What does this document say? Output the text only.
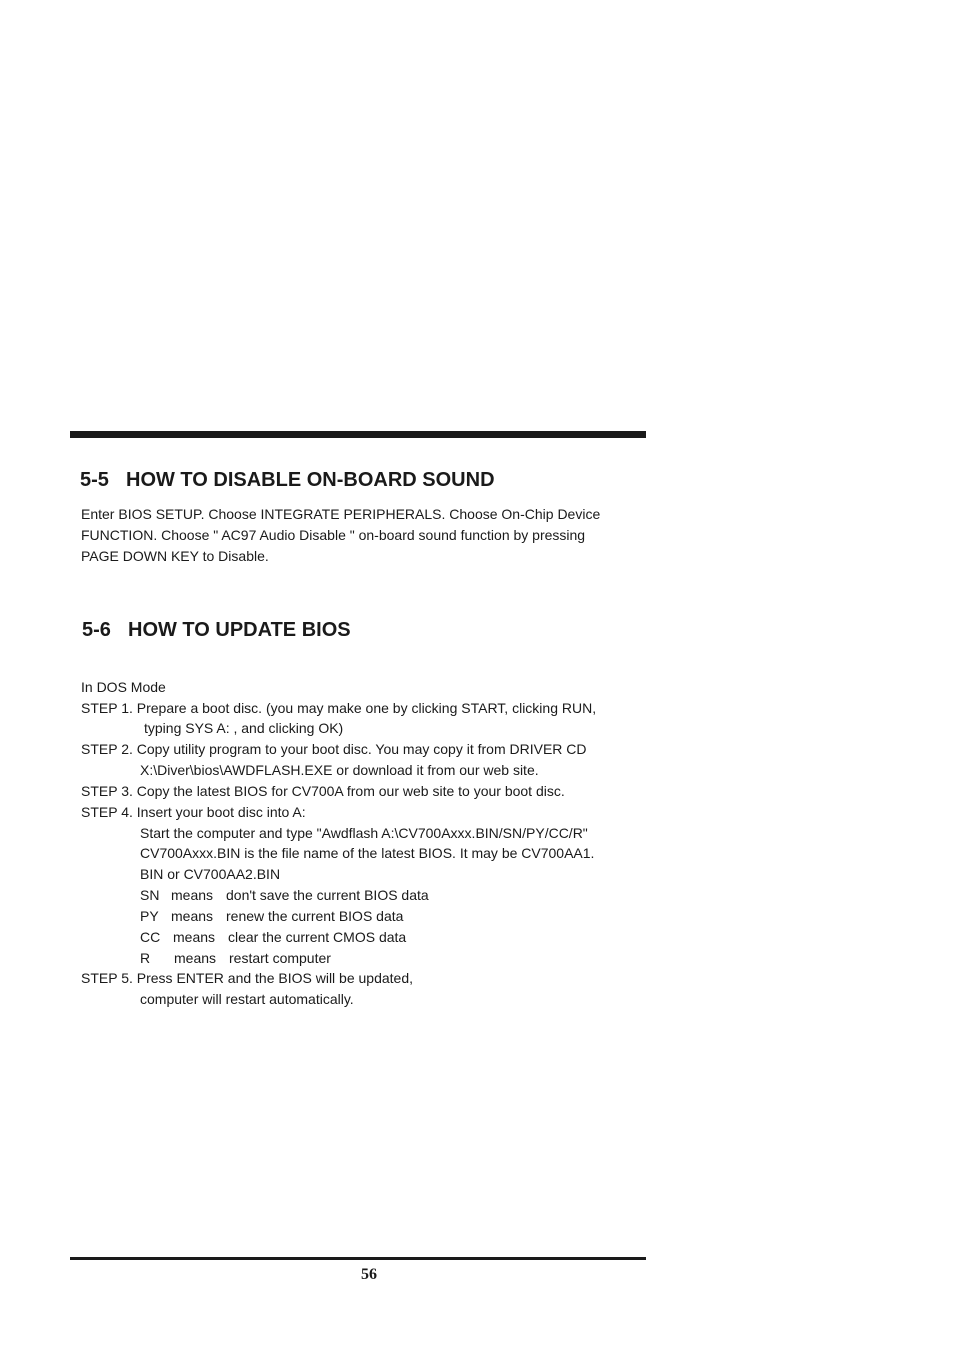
5-5 HOW TO DISABLE ON-BOARD SOUND
Enter BIOS SETUP. Choose INTEGRATE PERIPHERALS. Choose On-Chip Device
FUNCTION. Choose " AC97 Audio Disable " on-board sound function by pressing
PAGE DOWN KEY to Disable.
5-6 HOW TO UPDATE BIOS
In DOS Mode
STEP 1. Prepare a boot disc. (you may make one by clicking START, clicking RUN,
typing SYS A: , and clicking OK)
STEP 2. Copy utility program to your boot disc. You may copy it from DRIVER CD
X:\Diver\bios\AWDFLASH.EXE or download it from our web site.
STEP 3. Copy the latest BIOS for CV700A from our web site to your boot disc.
STEP 4. Insert your boot disc into A:
Start the computer and type "Awdflash A:\CV700Axxx.BIN/SN/PY/CC/R"
CV700Axxx.BIN is the file name of the latest BIOS. It may be CV700AA1.
BIN or CV700AA2.BIN
SN means don't save the current BIOS data
PY means renew the current BIOS data
CC means clear the current CMOS data
R means restart computer
STEP 5. Press ENTER and the BIOS will be updated,
computer will restart automatically.
56
